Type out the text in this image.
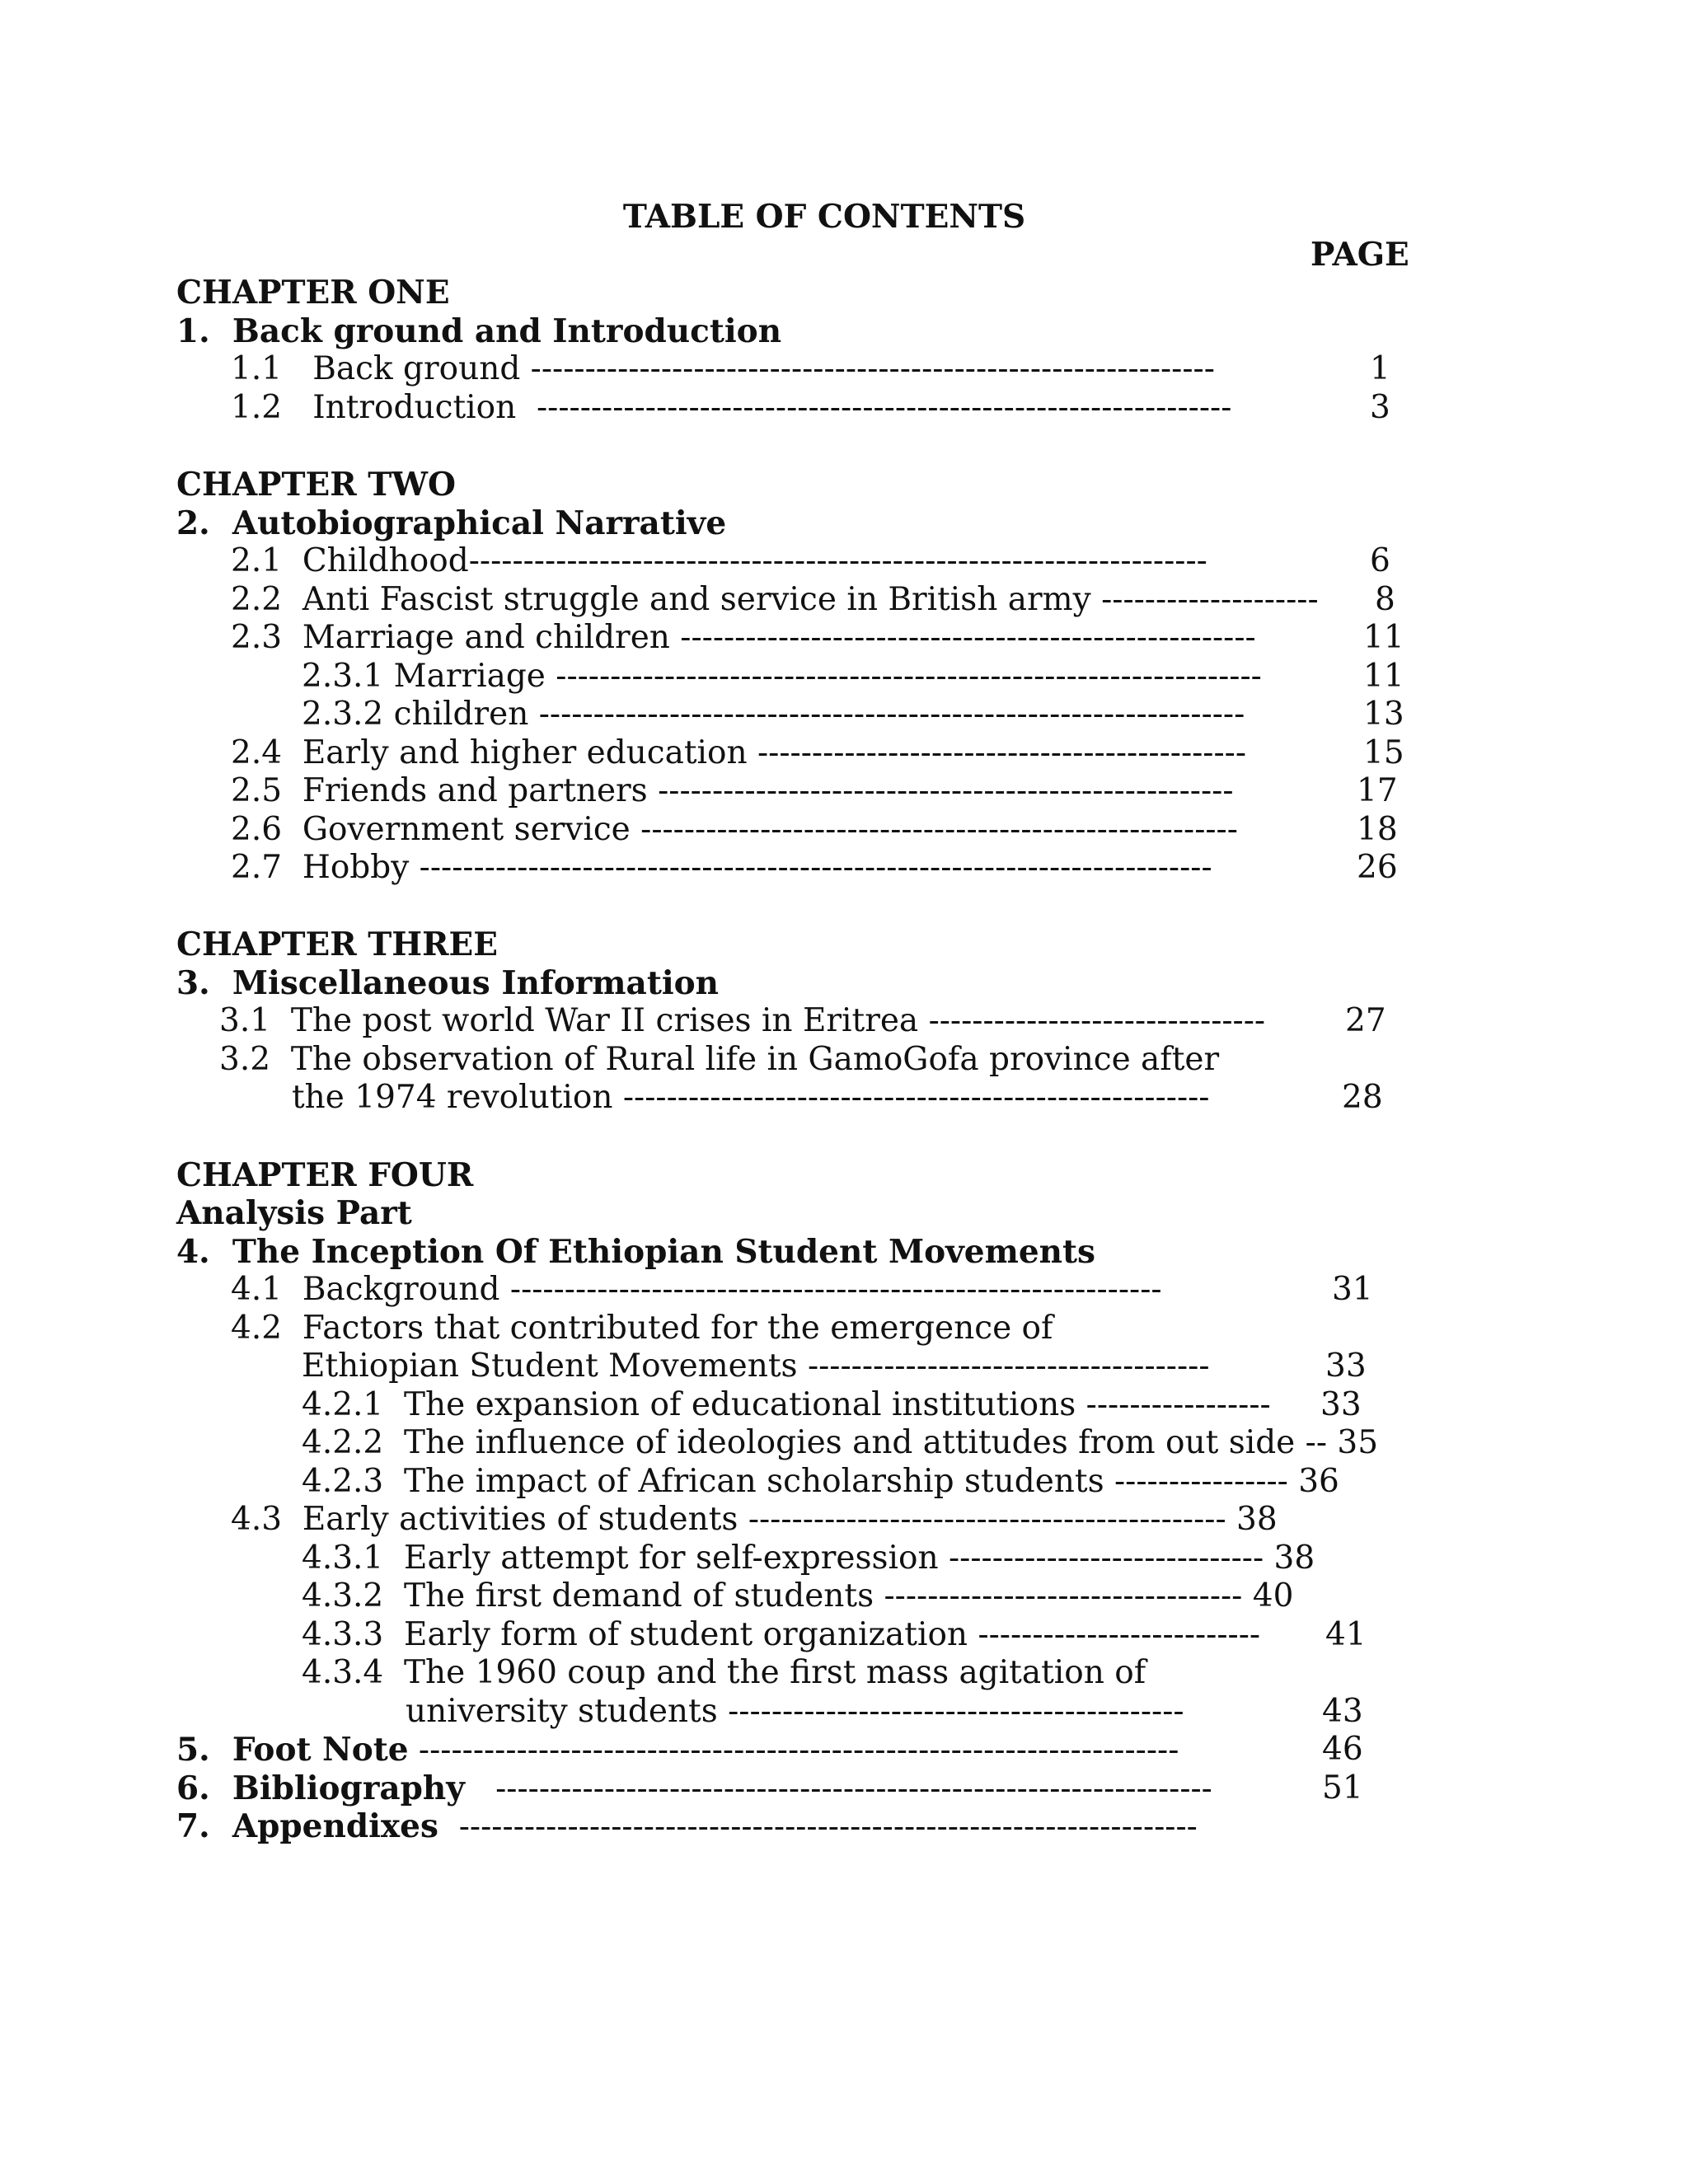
TABLE OF CONTENTS
PAGE
CHAPTER ONE
1.  Back ground and Introduction
1.1   Back ground ---------------------------------------------------------------	1
1.2   Introduction  ----------------------------------------------------------------	3
CHAPTER TWO
2.  Autobiographical Narrative
2.1  Childhood--------------------------------------------------------------------	6
2.2  Anti Fascist struggle and service in British army -------------------- 8
2.3  Marriage and children -----------------------------------------------------	11
2.3.1 Marriage -----------------------------------------------------------------	11
2.3.2 children -----------------------------------------------------------------	13
2.4  Early and higher education ---------------------------------------------	15
2.5  Friends and partners -----------------------------------------------------	17
2.6  Government service -------------------------------------------------------	18
2.7  Hobby -------------------------------------------------------------------------	26
CHAPTER THREE
3.  Miscellaneous Information
3.1  The post world War II crises in Eritrea ------------------------------- 27
3.2  The observation of Rural life in GamoGofa province after
the 1974 revolution ------------------------------------------------------	28
CHAPTER FOUR
Analysis Part
4.  The Inception Of Ethiopian Student Movements
4.1  Background ------------------------------------------------------------	31
4.2  Factors that contributed for the emergence of
Ethiopian Student Movements -------------------------------------	33
4.2.1  The expansion of educational institutions ----------------- 33
4.2.2  The influence of ideologies and attitudes from out side -- 35
4.2.3  The impact of African scholarship students ---------------- 36
4.3  Early activities of students -------------------------------------------- 38
4.3.1  Early attempt for self-expression ----------------------------- 38
4.3.2  The first demand of students --------------------------------- 40
4.3.3  Early form of student organization -------------------------- 41
4.3.4  The 1960 coup and the first mass agitation of
university students ------------------------------------------	43
5.  Foot Note ----------------------------------------------------------------------	46
6.  Bibliography   ------------------------------------------------------------------	51
7.  Appendixes  --------------------------------------------------------------------
